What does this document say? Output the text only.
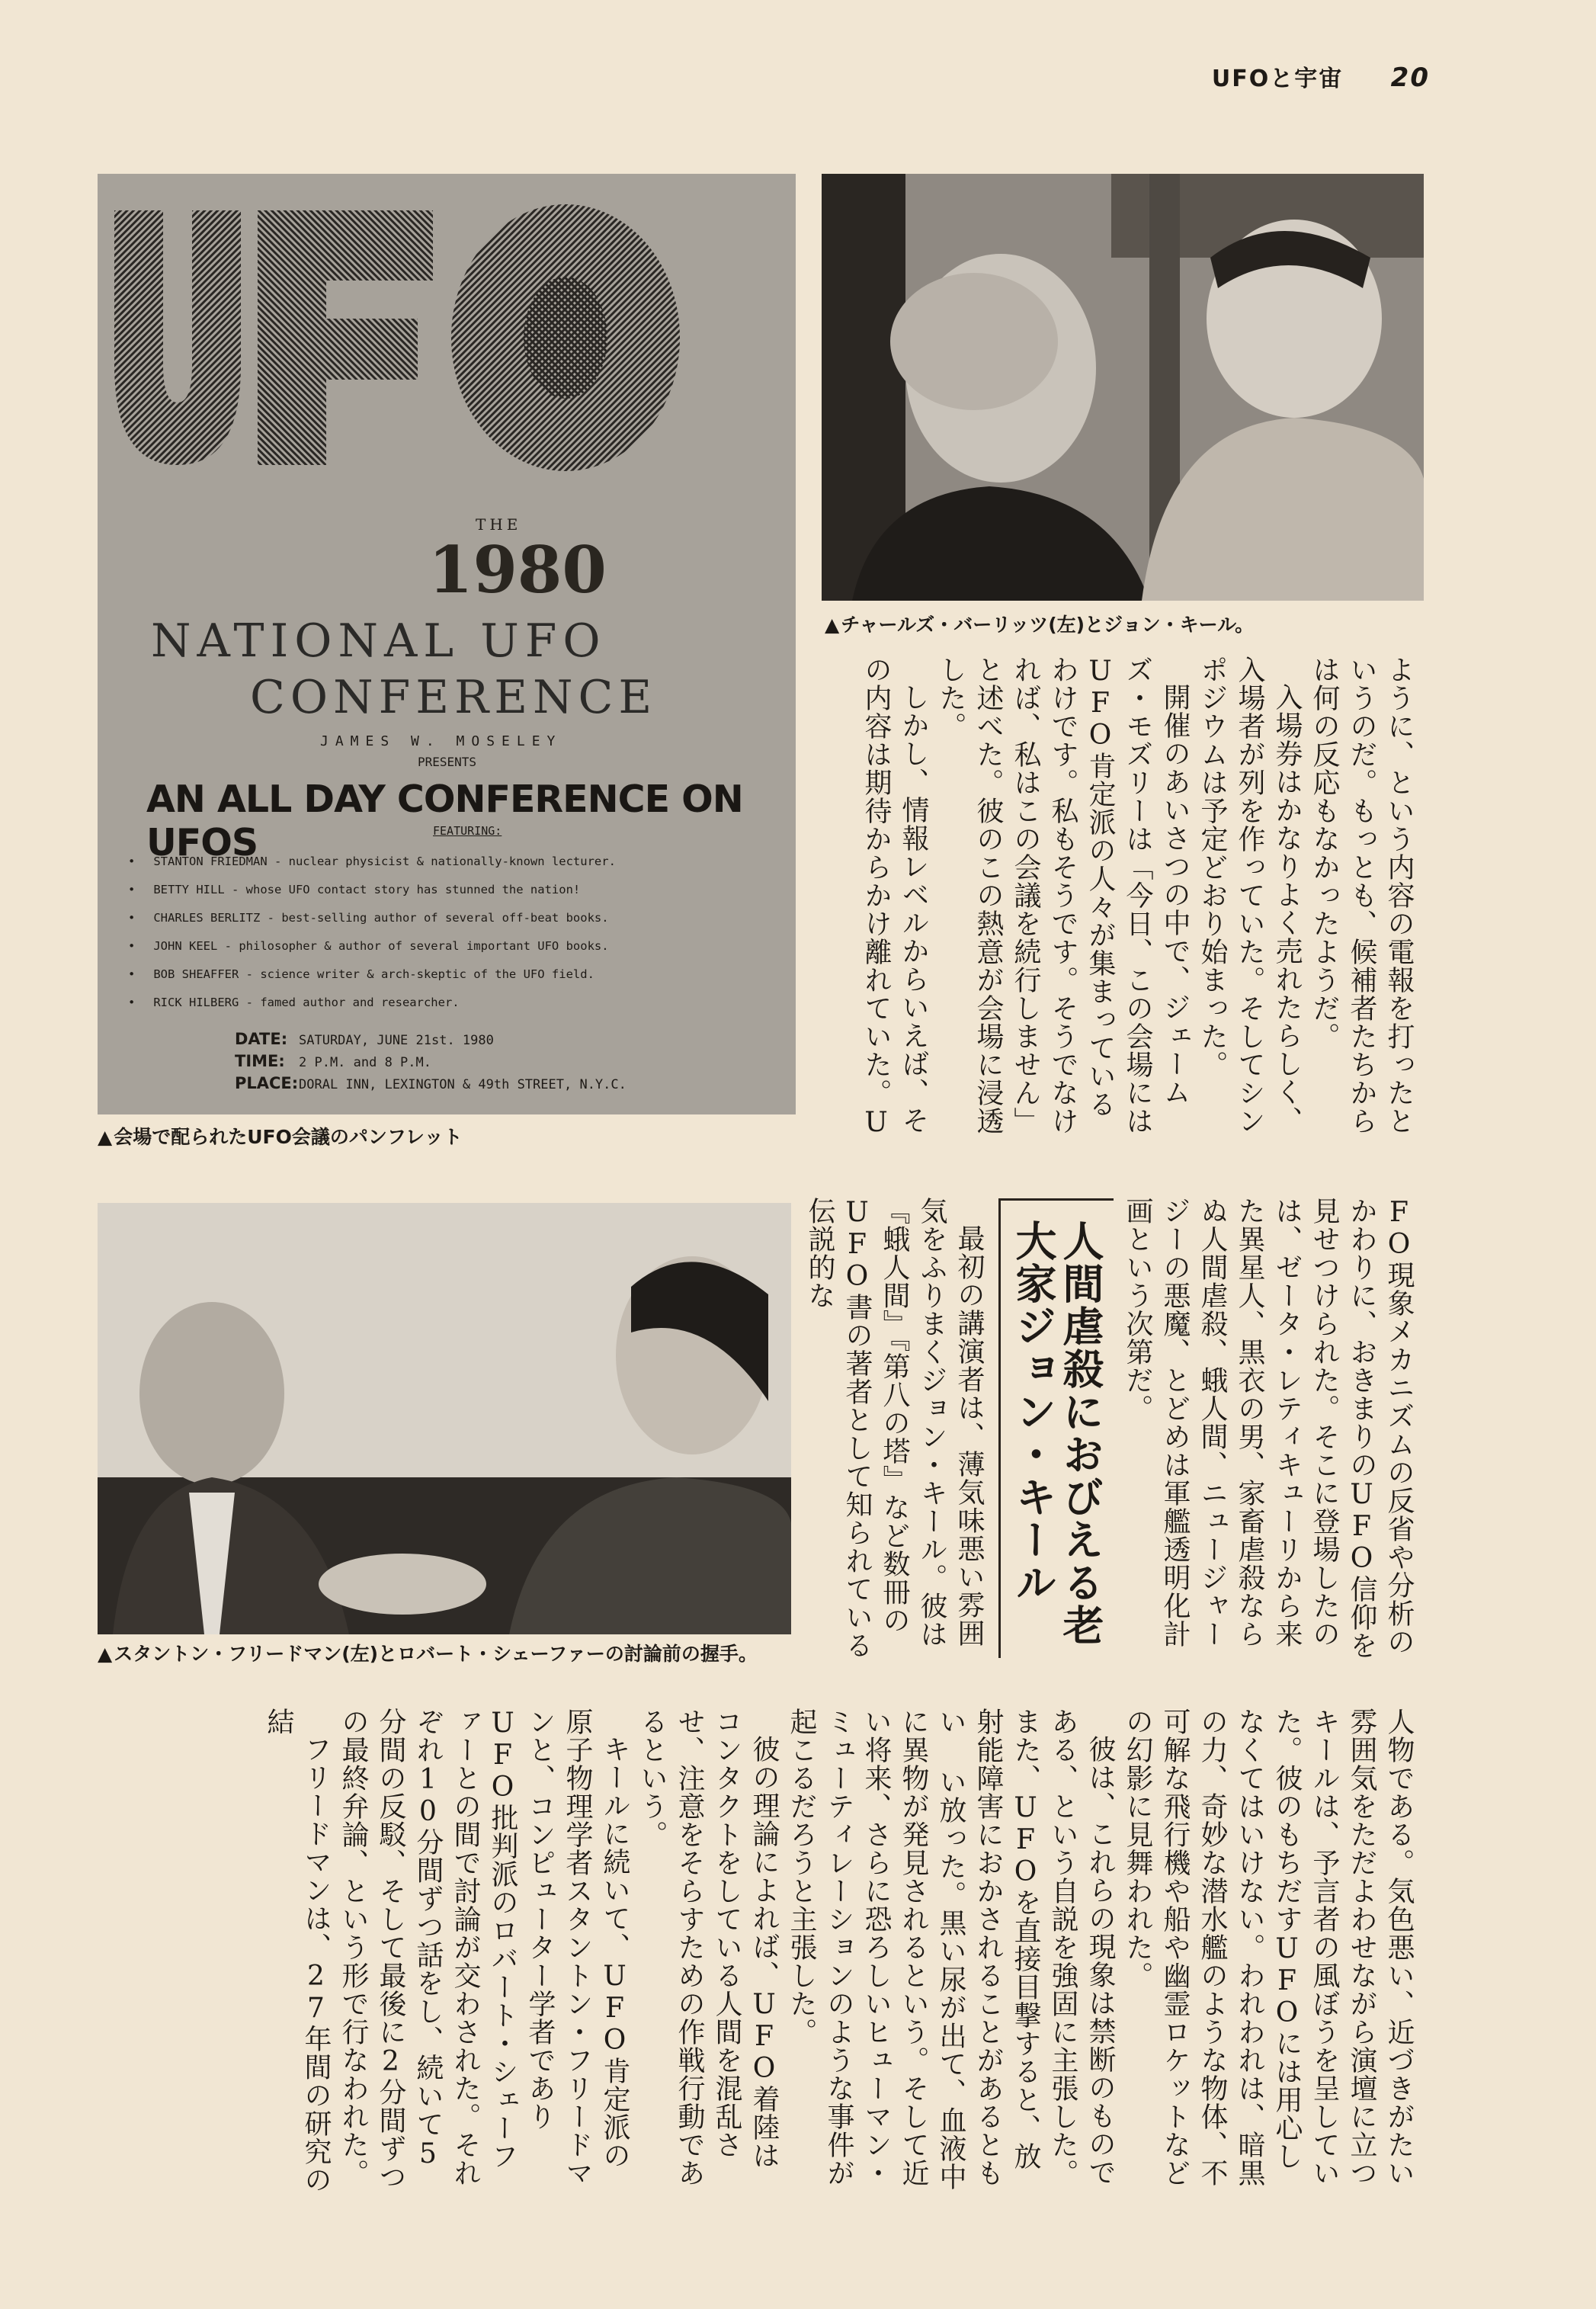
UFOと宇宙 20
THE
1980
NATIONAL UFO
CONFERENCE
JAMES W. MOSELEY
PRESENTS
AN ALL DAY CONFERENCE ON UFOS	FEATURING:
• STANTON FRIEDMAN - nuclear physicist & nationally-known lecturer.
• BETTY HILL - whose UFO contact story has stunned the nation!
• CHARLES BERLITZ - best-selling author of several off-beat books.
• JOHN KEEL - philosopher & author of several important UFO books.
• BOB SHEAFFER - science writer & arch-skeptic of the UFO field.
• RICK HILBERG - famed author and researcher.
DATE: SATURDAY, JUNE 21st. 1980
TIME: 2 P.M. and 8 P.M.
PLACE:DORAL INN, LEXINGTON & 49th STREET, N.Y.C.
▲ 会場で配られたUFO会議のパンフレット
▲ チャールズ・バーリッツ(左)とジョン・キール。
▲ スタントン・フリードマン(左)とロバート・シェーファーの討論前の握手。

ように、という内容の電報を打ったというのだ。もっとも、候補者たちからは何の反応もなかったようだ。

入場券はかなりよく売れたらしく、入場者が列を作っていた。そしてシンポジウムは予定どおり始まった。

開催のあいさつの中で、ジェームズ・モズリーは「今日、この会場にはUFO肯定派の人々が集まっているわけです。私もそうです。そうでなければ、私はこの会議を続行しません」と述べた。彼のこの熱意が会場に浸透した。

しかし、情報レベルからいえば、その内容は期待からかけ離れていた。U

FO現象メカニズムの反省や分析のかわりに、おきまりのUFO信仰を見せつけられた。そこに登場したのは、ゼータ・レティキューリから来た異星人、黒衣の男、家畜虐殺ならぬ人間虐殺、蛾人間、ニュージャージーの悪魔、とどめは軍艦透明化計画という次第だ。

人間虐殺におびえる老大家ジョン・キール

最初の講演者は、薄気味悪い雰囲気をふりまくジョン・キール。彼は『蛾人間』『第八の塔』など数冊のUFO書の著者として知られている伝説的な

人物である。気色悪い、近づきがたい雰囲気をただよわせながら演壇に立つキールは、予言者の風ぼうを呈していた。彼のもちだすUFOには用心しなくてはいけない。われわれは、暗黒の力、奇妙な潜水艦のような物体、不可解な飛行機や船や幽霊ロケットなどの幻影に見舞われた。

彼は、これらの現象は禁断のものである、という自説を強固に主張した。また、UFOを直接目撃すると、放射能障害におかされることがあるともい い放った。黒い尿が出て、血液中に異物が発見されるという。そして近い将来、さらに恐ろしいヒューマン・ミューティレーションのような事件が起こるだろうと主張した。

彼の理論によれば、UFO着陸はコンタクトをしている人間を混乱させ、注意をそらすための作戦行動であるという。

キールに続いて、UFO肯定派の原子物理学者スタントン・フリードマンと、コンピューター学者でありUFO批判派のロバート・シェーファーとの間で討論が交わされた。それぞれ10分間ずつ話をし、続いて5分間の反駁、そして最後に2分間ずつの最終弁論、という形で行なわれた。

フリードマンは、27年間の研究の結
